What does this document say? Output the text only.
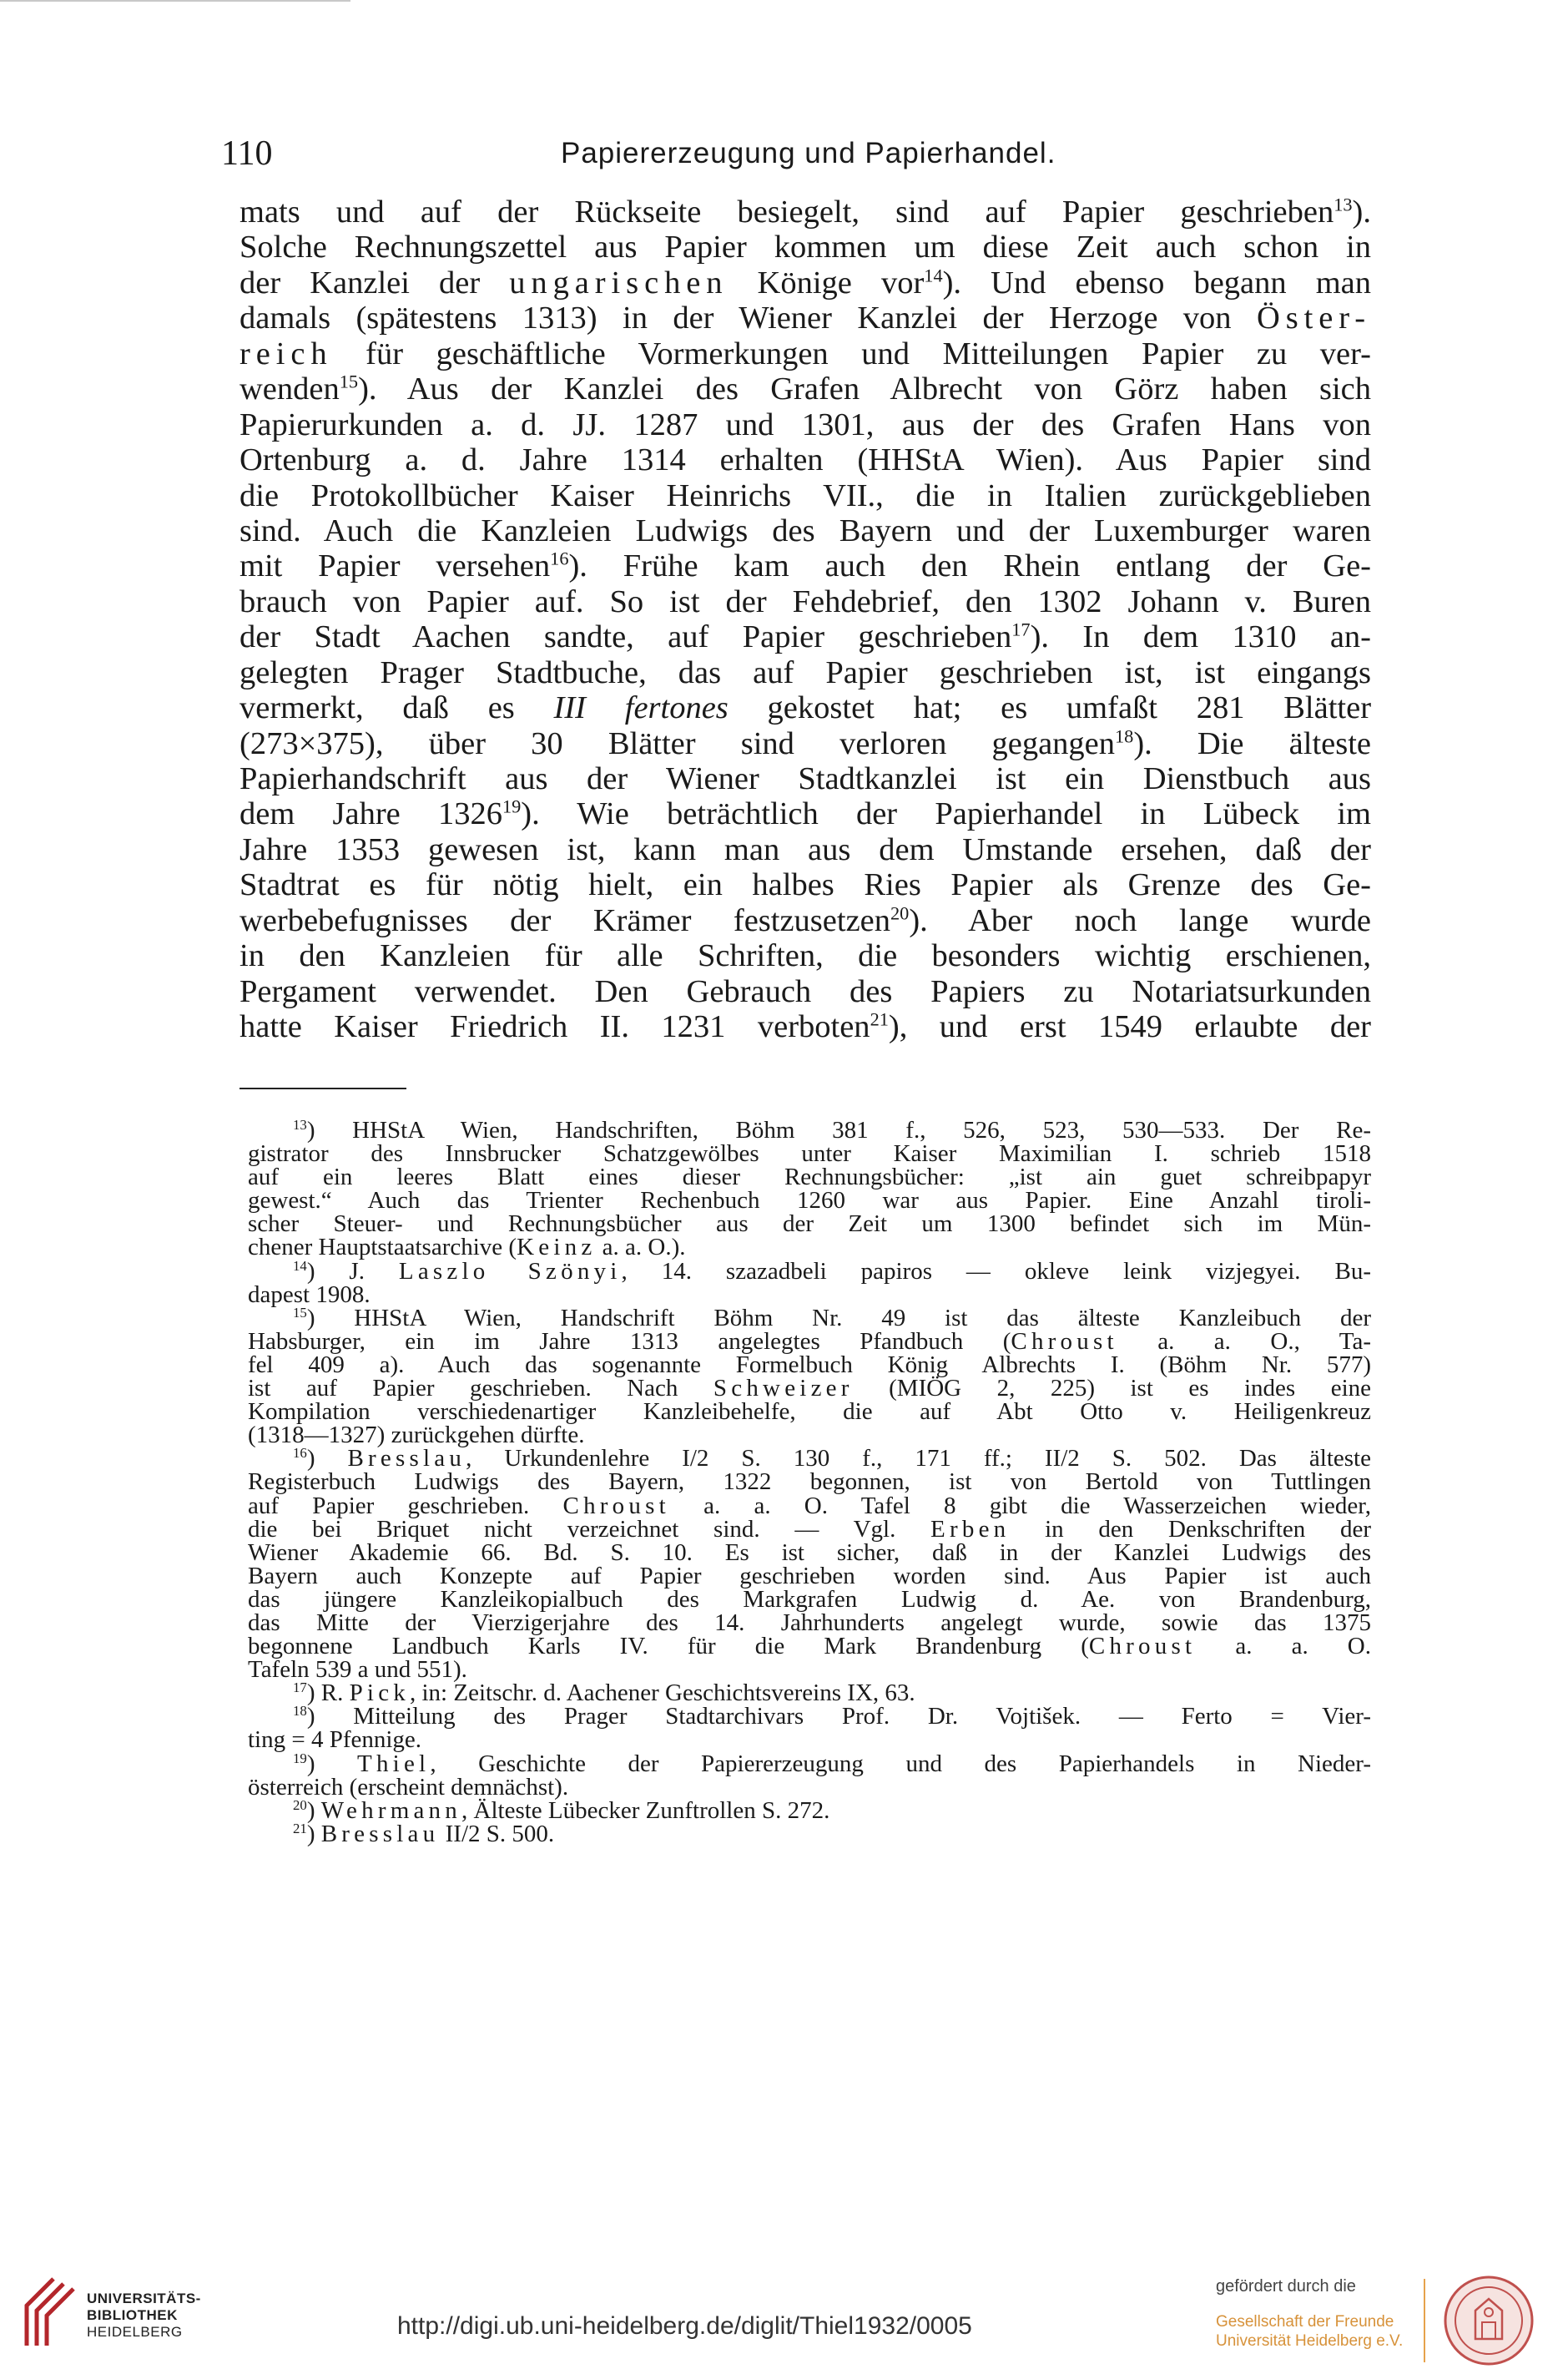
110	Papiererzeugung und Papierhandel.
mats und auf der Rückseite besiegelt, sind auf Papier geschrieben$^{13}$).
Solche Rechnungszettel aus Papier kommen um diese Zeit auch schon in
der Kanzlei der ungarischen Könige vor$^{14}$). Und ebenso begann man
damals (spätestens 1313) in der Wiener Kanzlei der Herzoge von Öster-
reich für geschäftliche Vormerkungen und Mitteilungen Papier zu ver-
wenden$^{15}$). Aus der Kanzlei des Grafen Albrecht von Görz haben sich
Papierurkunden a. d. JJ. 1287 und 1301, aus der des Grafen Hans von
Ortenburg a. d. Jahre 1314 erhalten (HHStA Wien). Aus Papier sind
die Protokollbücher Kaiser Heinrichs VII., die in Italien zurückgeblieben
sind. Auch die Kanzleien Ludwigs des Bayern und der Luxemburger waren
mit Papier versehen$^{16}$). Frühe kam auch den Rhein entlang der Ge-
brauch von Papier auf. So ist der Fehdebrief, den 1302 Johann v. Buren
der Stadt Aachen sandte, auf Papier geschrieben$^{17}$). In dem 1310 an-
gelegten Prager Stadtbuche, das auf Papier geschrieben ist, ist eingangs
vermerkt, daß es III fertones gekostet hat; es umfaßt 281 Blätter
(273×375), über 30 Blätter sind verloren gegangen$^{18}$). Die älteste
Papierhandschrift aus der Wiener Stadtkanzlei ist ein Dienstbuch aus
dem Jahre 1326$^{19}$). Wie beträchtlich der Papierhandel in Lübeck im
Jahre 1353 gewesen ist, kann man aus dem Umstande ersehen, daß der
Stadtrat es für nötig hielt, ein halbes Ries Papier als Grenze des Ge-
werbebefugnisses der Krämer festzusetzen$^{20}$). Aber noch lange wurde
in den Kanzleien für alle Schriften, die besonders wichtig erschienen,
Pergament verwendet. Den Gebrauch des Papiers zu Notariatsurkunden
hatte Kaiser Friedrich II. 1231 verboten$^{21}$), und erst 1549 erlaubte der
$^{13}$) HHStA Wien, Handschriften, Böhm 381 f., 526, 523, 530—533. Der Re-
gistrator des Innsbrucker Schatzgewölbes unter Kaiser Maximilian I. schrieb 1518
auf ein leeres Blatt eines dieser Rechnungsbücher: „ist ain guet schreibpapyr
gewest.“ Auch das Trienter Rechenbuch 1260 war aus Papier. Eine Anzahl tiroli-
scher Steuer- und Rechnungsbücher aus der Zeit um 1300 befindet sich im Mün-
chener Hauptstaatsarchive (Keinz a. a. O.).
$^{14}$) J. Laszlo Szönyi, 14. szazadbeli papiros — okleve leink vizjegyei. Bu-
dapest 1908.
$^{15}$) HHStA Wien, Handschrift Böhm Nr. 49 ist das älteste Kanzleibuch der
Habsburger, ein im Jahre 1313 angelegtes Pfandbuch (Chroust a. a. O., Ta-
fel 409 a). Auch das sogenannte Formelbuch König Albrechts I. (Böhm Nr. 577)
ist auf Papier geschrieben. Nach Schweizer (MIÖG 2, 225) ist es indes eine
Kompilation verschiedenartiger Kanzleibehelfe, die auf Abt Otto v. Heiligenkreuz
(1318—1327) zurückgehen dürfte.
$^{16}$) Bresslau, Urkundenlehre I/2 S. 130 f., 171 ff.; II/2 S. 502. Das älteste
Registerbuch Ludwigs des Bayern, 1322 begonnen, ist von Bertold von Tuttlingen
auf Papier geschrieben. Chroust a. a. O. Tafel 8 gibt die Wasserzeichen wieder,
die bei Briquet nicht verzeichnet sind. — Vgl. Erben in den Denkschriften der
Wiener Akademie 66. Bd. S. 10. Es ist sicher, daß in der Kanzlei Ludwigs des
Bayern auch Konzepte auf Papier geschrieben worden sind. Aus Papier ist auch
das jüngere Kanzleikopialbuch des Markgrafen Ludwig d. Ae. von Brandenburg,
das Mitte der Vierzigerjahre des 14. Jahrhunderts angelegt wurde, sowie das 1375
begonnene Landbuch Karls IV. für die Mark Brandenburg (Chroust a. a. O.
Tafeln 539 a und 551).
$^{17}$) R. Pick, in: Zeitschr. d. Aachener Geschichtsvereins IX, 63.
$^{18}$) Mitteilung des Prager Stadtarchivars Prof. Dr. Vojtišek. — Ferto = Vier-
ting = 4 Pfennige.
$^{19}$) Thiel, Geschichte der Papiererzeugung und des Papierhandels in Nieder-
österreich (erscheint demnächst).
$^{20}$) Wehrmann, Älteste Lübecker Zunftrollen S. 272.
$^{21}$) Bresslau II/2 S. 500.
UNIVERSITÄTS-
BIBLIOTHEK
HEIDELBERG	http://digi.ub.uni-heidelberg.de/diglit/Thiel1932/0005
gefördert durch die
Gesellschaft der Freunde
Universität Heidelberg e.V.
